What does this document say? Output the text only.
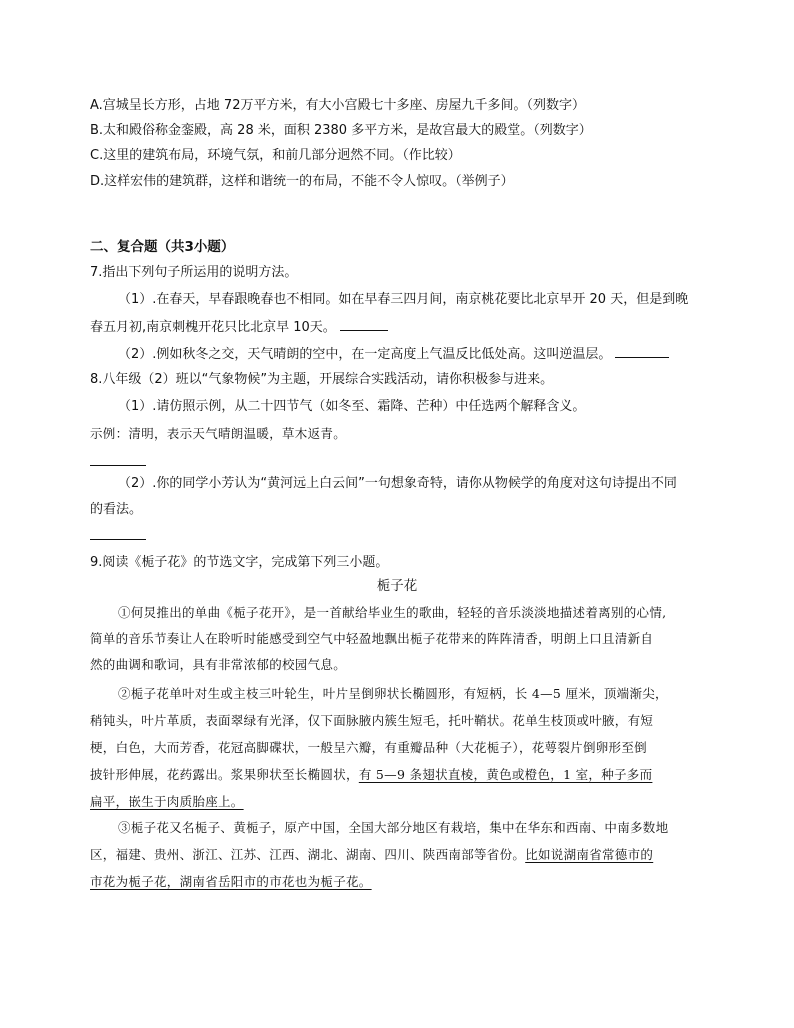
A.宫城呈长方形，占地 72万平方米，有大小宫殿七十多座、房屋九千多间。（列数字）
B.太和殿俗称金銮殿，高 28 米，面积 2380 多平方米，是故宫最大的殿堂。（列数字）
C.这里的建筑布局，环境气氛，和前几部分迥然不同。（作比较）
D.这样宏伟的建筑群，这样和谐统一的布局，不能不令人惊叹。（举例子）
二、复合题（共3小题）
7.指出下列句子所运用的说明方法。
（1）.在春天，早春跟晚春也不相同。如在早春三四月间，南京桃花要比北京早开 20 天，但是到晚
春五月初,南京刺槐开花只比北京早 10天。
（2）.例如秋冬之交，天气晴朗的空中，在一定高度上气温反比低处高。这叫逆温层。
8.八年级（2）班以“气象物候”为主题，开展综合实践活动，请你积极参与进来。
（1）.请仿照示例，从二十四节气（如冬至、霜降、芒种）中任选两个解释含义。
示例：清明，表示天气晴朗温暖，草木返青。
（2）.你的同学小芳认为“黄河远上白云间”一句想象奇特，请你从物候学的角度对这句诗提出不同
的看法。
9.阅读《栀子花》的节选文字，完成第下列三小题。
栀子花
①何炅推出的单曲《栀子花开》，是一首献给毕业生的歌曲，轻轻的音乐淡淡地描述着离别的心情,
简单的音乐节奏让人在聆听时能感受到空气中轻盈地飘出栀子花带来的阵阵清香，明朗上口且清新自
然的曲调和歌词，具有非常浓郁的校园气息。
②栀子花单叶对生或主枝三叶轮生，叶片呈倒卵状长椭圆形，有短柄，长 4—5 厘米，顶端渐尖，
稍钝头，叶片革质，表面翠绿有光泽，仅下面脉腋内簇生短毛，托叶鞘状。花单生枝顶或叶腋，有短
梗，白色，大而芳香，花冠高脚碟状，一般呈六瓣，有重瓣品种（大花栀子），花萼裂片倒卵形至倒
披针形伸展，花药露出。浆果卵状至长椭圆状，有 5—9 条翅状直棱，黄色或橙色，1 室，种子多而
扁平，嵌生于肉质胎座上。
③栀子花又名栀子、黄栀子，原产中国，全国大部分地区有栽培，集中在华东和西南、中南多数地
区，福建、贵州、浙江、江苏、江西、湖北、湖南、四川、陕西南部等省份。比如说湖南省常德市的
市花为栀子花，湖南省岳阳市的市花也为栀子花。
